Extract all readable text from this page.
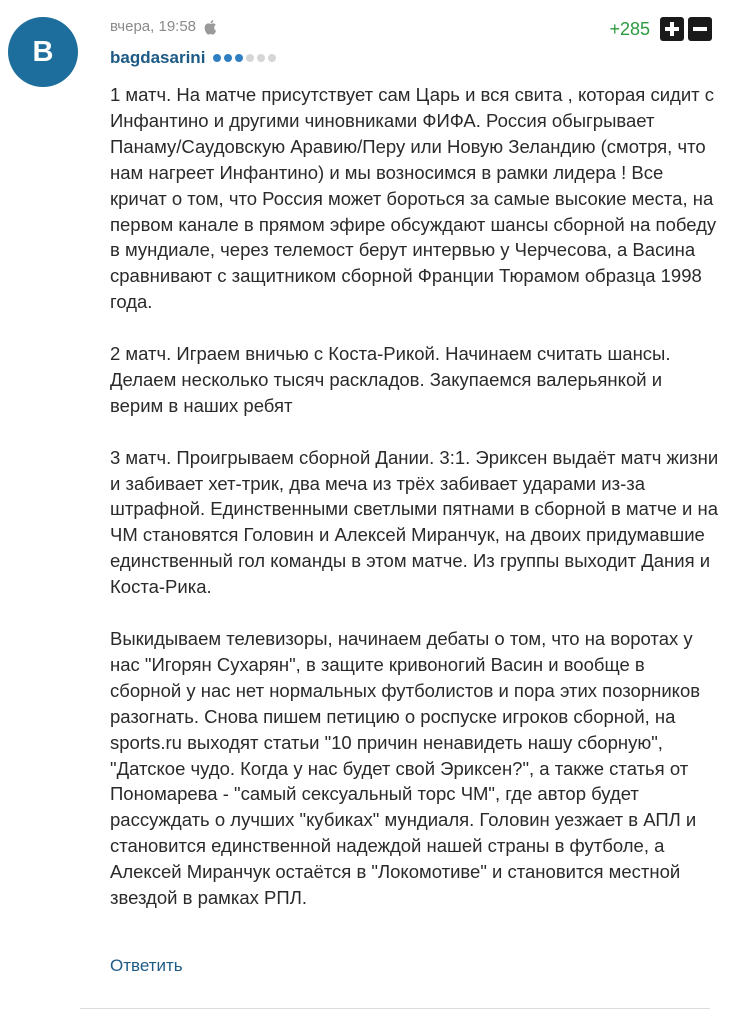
B
вчера, 19:58	+285
bagdasarini

1 матч. На матче присутствует сам Царь и вся свита , которая сидит с Инфантино и другими чиновниками ФИФА. Россия обыгрывает Панаму/Саудовскую Аравию/Перу или Новую Зеландию (смотря, что нам нагреет Инфантино) и мы возносимся в рамки лидера ! Все кричат о том, что Россия может бороться за самые высокие места, на первом канале в прямом эфире обсуждают шансы сборной на победу в мундиале, через телемост берут интервью у Черчесова, а Васина сравнивают с защитником сборной Франции Тюрамом образца 1998 года.

2 матч. Играем вничью с Коста-Рикой. Начинаем считать шансы. Делаем несколько тысяч раскладов. Закупаемся валерьянкой и верим в наших ребят

3 матч. Проигрываем сборной Дании. 3:1. Эриксен выдаёт матч жизни и забивает хет-трик, два меча из трёх забивает ударами из-за штрафной. Единственными светлыми пятнами в сборной в матче и на ЧМ становятся Головин и Алексей Миранчук, на двоих придумавшие единственный гол команды в этом матче. Из группы выходит Дания и Коста-Рика.

Выкидываем телевизоры, начинаем дебаты о том, что на воротах у нас "Игорян Сухарян", в защите кривоногий Васин и вообще в сборной у нас нет нормальных футболистов и пора этих позорников разогнать. Снова пишем петицию о роспуске игроков сборной, на sports.ru выходят статьи "10 причин ненавидеть нашу сборную", "Датское чудо. Когда у нас будет свой Эриксен?", а также статья от Пономарева - "самый сексуальный торс ЧМ", где автор будет рассуждать о лучших "кубиках" мундиаля. Головин уезжает в АПЛ и становится единственной надеждой нашей страны в футболе, а Алексей Миранчук остаётся в "Локомотиве" и становится местной звездой в рамках РПЛ.

Ответить
